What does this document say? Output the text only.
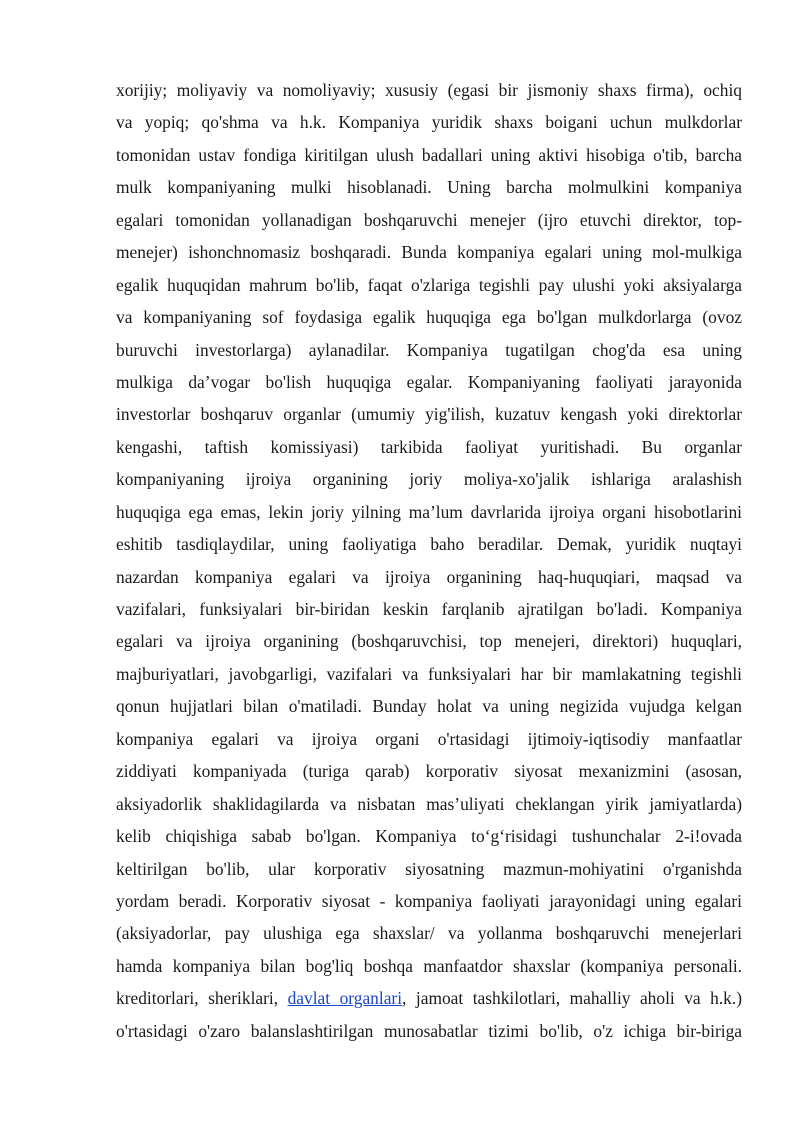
xorijiy; moliyaviy va nomoliyaviy; xususiy (egasi bir jismoniy shaxs firma), ochiq
va yopiq; qo'shma va h.k. Kompaniya yuridik shaxs boigani uchun mulkdorlar
tomonidan ustav fondiga kiritilgan ulush badallari uning aktivi hisobiga o'tib, barcha
mulk kompaniyaning mulki hisoblanadi. Uning barcha molmulkini kompaniya
egalari tomonidan yollanadigan boshqaruvchi menejer (ijro etuvchi direktor, top-
menejer) ishonchnomasiz boshqaradi. Bunda kompaniya egalari uning mol-mulkiga
egalik huquqidan mahrum bo'lib, faqat o'zlariga tegishli pay ulushi yoki aksiyalarga
va kompaniyaning sof foydasiga egalik huquqiga ega bo'lgan mulkdorlarga (ovoz
buruvchi investorlarga) aylanadilar. Kompaniya tugatilgan chog'da esa uning
mulkiga da’vogar bo'lish huquqiga egalar. Kompaniyaning faoliyati jarayonida
investorlar boshqaruv organlar (umumiy yig'ilish, kuzatuv kengash yoki direktorlar
kengashi, taftish komissiyasi) tarkibida faoliyat yuritishadi. Bu organlar
kompaniyaning ijroiya organining joriy moliya-xo'jalik ishlariga aralashish
huquqiga ega emas, lekin joriy yilning ma’lum davrlarida ijroiya organi hisobotlarini
eshitib tasdiqlaydilar, uning faoliyatiga baho beradilar. Demak, yuridik nuqtayi
nazardan kompaniya egalari va ijroiya organining haq-huquqiari, maqsad va
vazifalari, funksiyalari bir-biridan keskin farqlanib ajratilgan bo'ladi. Kompaniya
egalari va ijroiya organining (boshqaruvchisi, top menejeri, direktori) huquqlari,
majburiyatlari, javobgarligi, vazifalari va funksiyalari har bir mamlakatning tegishli
qonun hujjatlari bilan o'matiladi. Bunday holat va uning negizida vujudga kelgan
kompaniya egalari va ijroiya organi o'rtasidagi ijtimoiy-iqtisodiy manfaatlar
ziddiyati kompaniyada (turiga qarab) korporativ siyosat mexanizmini (asosan,
aksiyadorlik shaklidagilarda va nisbatan mas’uliyati cheklangan yirik jamiyatlarda)
kelib chiqishiga sabab bo'lgan. Kompaniya to‘g‘risidagi tushunchalar 2-i!ovada
keltirilgan bo'lib, ular korporativ siyosatning mazmun-mohiyatini o'rganishda
yordam beradi. Korporativ siyosat - kompaniya faoliyati jarayonidagi uning egalari
(aksiyadorlar, pay ulushiga ega shaxslar/ va yollanma boshqaruvchi menejerlari
hamda kompaniya bilan bog'liq boshqa manfaatdor shaxslar (kompaniya personali.
kreditorlari, sheriklari, davlat organlari, jamoat tashkilotlari, mahalliy aholi va h.k.)
o'rtasidagi o'zaro balanslashtirilgan munosabatlar tizimi bo'lib, o'z ichiga bir-biriga
